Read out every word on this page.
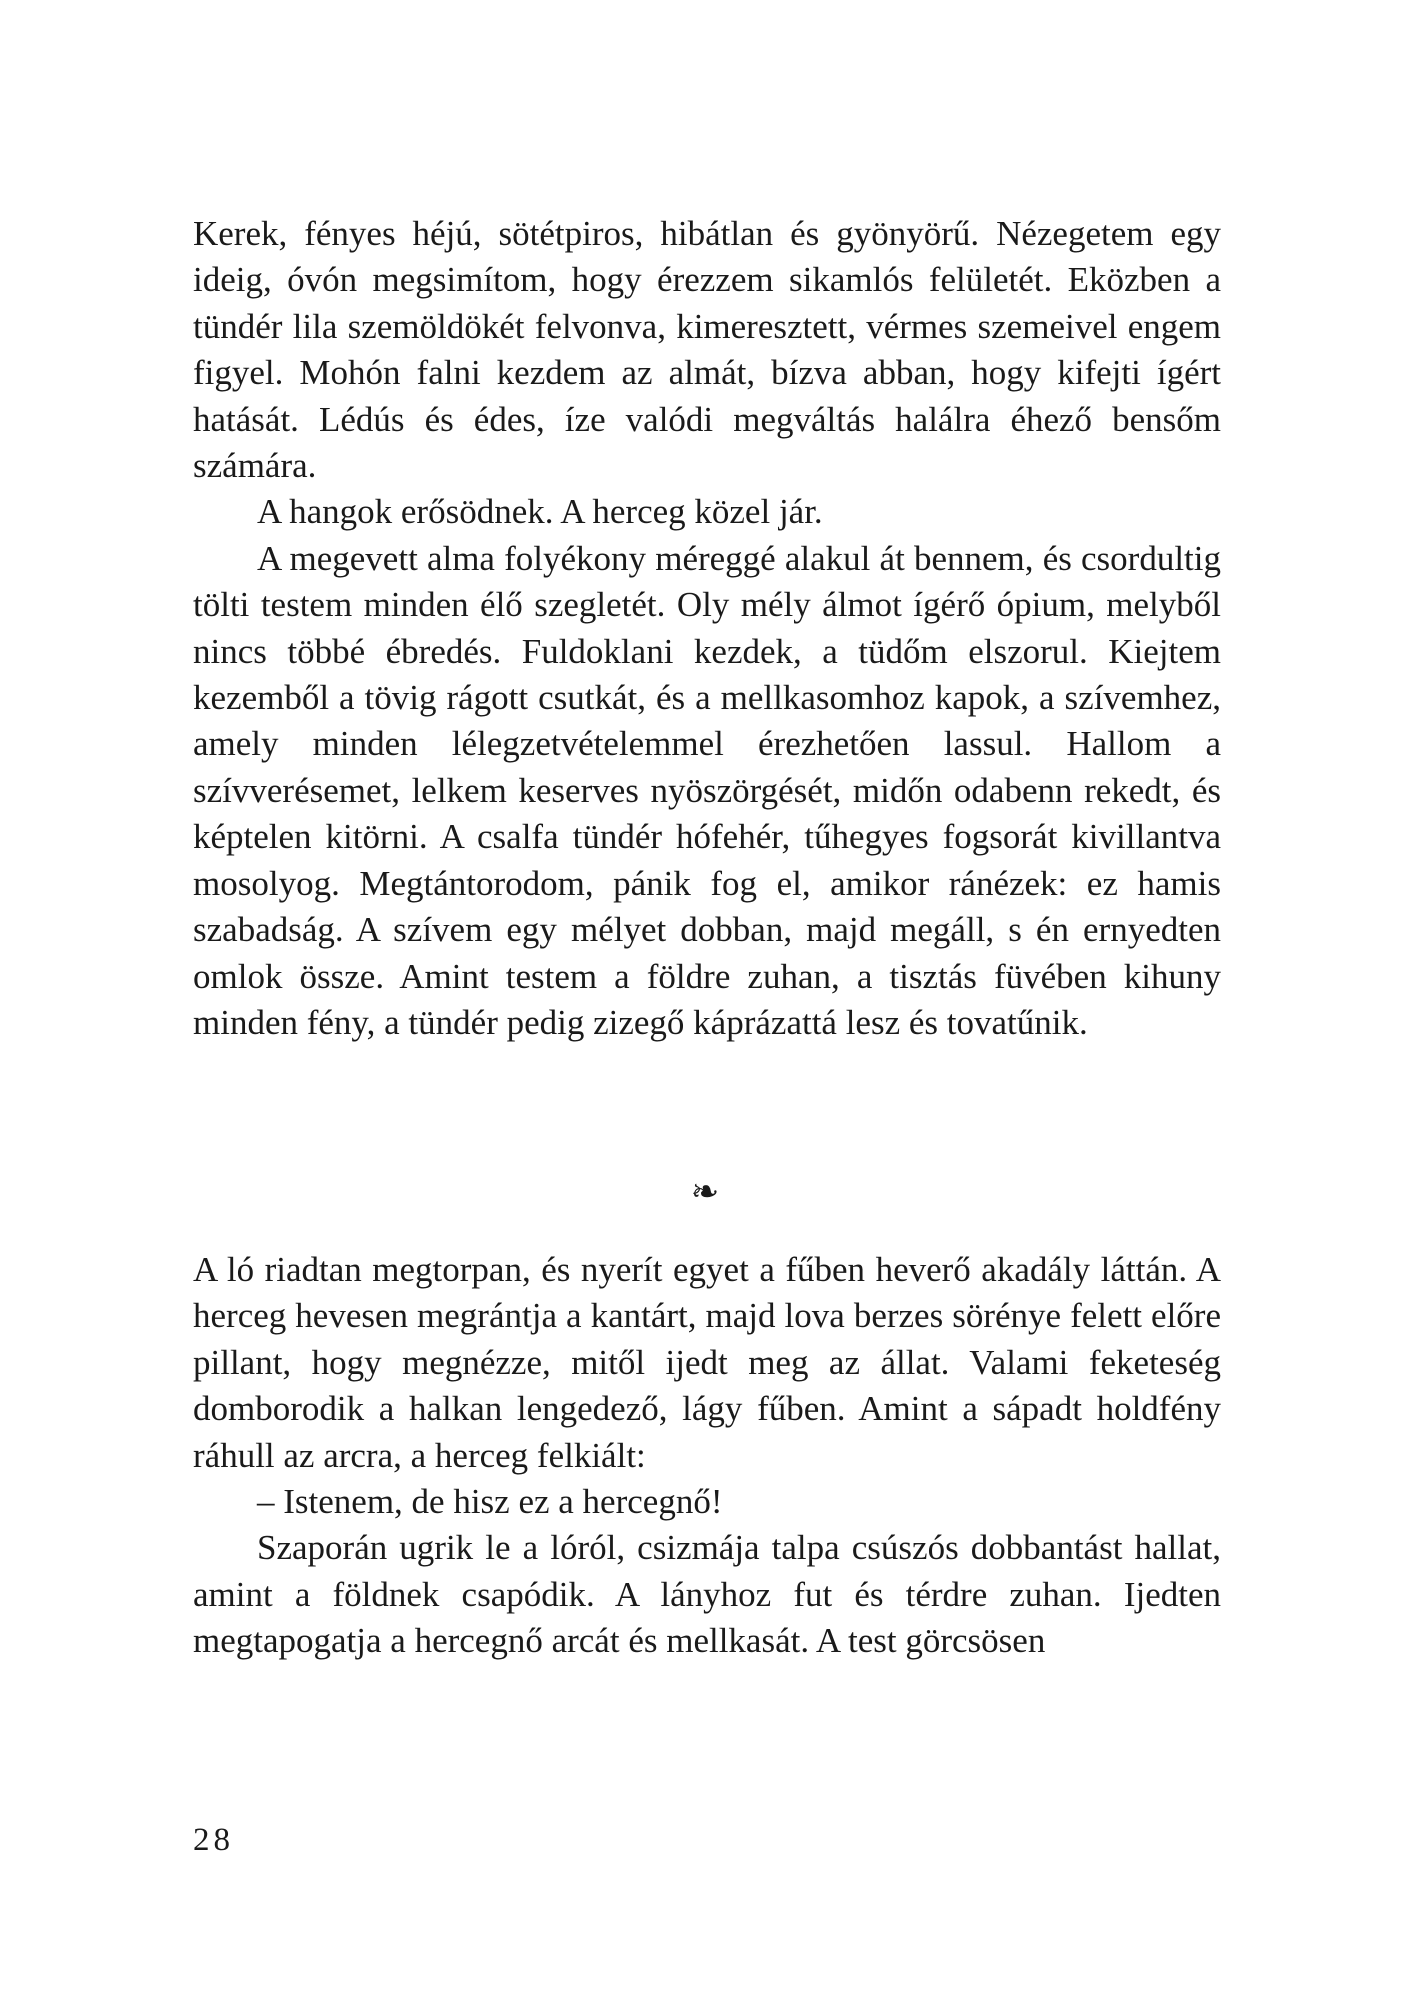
Kerek, fényes héjú, sötétpiros, hibátlan és gyönyörű. Nézegetem egy ideig, óvón megsimítom, hogy érezzem sikamlós felületét. Eközben a tündér lila szemöldökét felvonva, kimeresztett, vérmes szemeivel engem figyel. Mohón falni kezdem az almát, bízva abban, hogy kifejti ígért hatását. Lédús és édes, íze valódi megváltás halálra éhező bensőm számára.

A hangok erősödnek. A herceg közel jár.

A megevett alma folyékony méreggé alakul át bennem, és csordultig tölti testem minden élő szegletét. Oly mély álmot ígérő ópium, melyből nincs többé ébredés. Fuldoklani kezdek, a tüdőm elszorul. Kiejtem kezemből a tövig rágott csutkát, és a mellkasomhoz kapok, a szívemhez, amely minden lélegzetvételemmel érezhetően lassul. Hallom a szívverésemet, lelkem keserves nyöszörgését, midőn odabenn rekedt, és képtelen kitörni. A csalfa tündér hófehér, tűhegyes fogsorát kivillantva mosolyog. Megtántorodom, pánik fog el, amikor ránézek: ez hamis szabadság. A szívem egy mélyet dobban, majd megáll, s én ernyedten omlok össze. Amint testem a földre zuhan, a tisztás füvében kihuny minden fény, a tündér pedig zizegő káprázattá lesz és tovatűnik.

❧

A ló riadtan megtorpan, és nyerít egyet a fűben heverő akadály láttán. A herceg hevesen megrántja a kantárt, majd lova berzes sörénye felett előre pillant, hogy megnézze, mitől ijedt meg az állat. Valami feketeség domborodik a halkan lengedező, lágy fűben. Amint a sápadt holdfény ráhull az arcra, a herceg felkiált:

– Istenem, de hisz ez a hercegnő!

Szaporán ugrik le a lóról, csizmája talpa csúszós dobbantást hallat, amint a földnek csapódik. A lányhoz fut és térdre zuhan. Ijedten megtapogatja a hercegnő arcát és mellkasát. A test görcsösen

28
